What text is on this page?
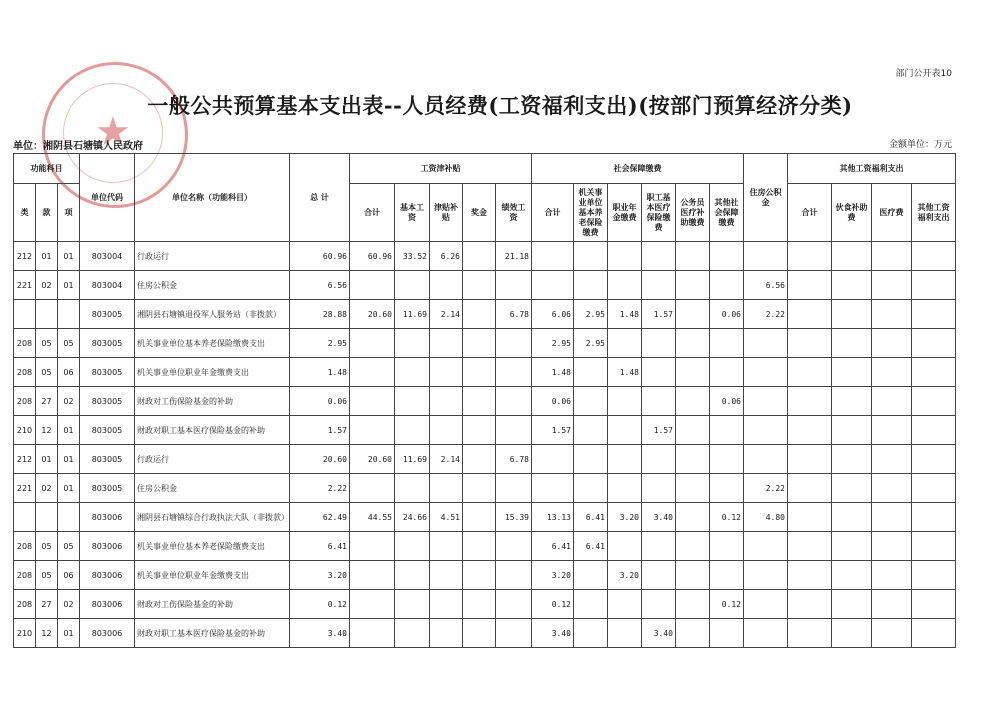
★
部门公开表10
一般公共预算基本支出表--人员经费(工资福利支出)(按部门预算经济分类)
单位：湘阴县石塘镇人民政府	金额单位：万元
功能科目			单位代码	单位名称（功能科目）	总 计	工资津补贴					社会保障缴费						住房公积金	其他工资福利支出			
类	款	项				合计	基本工资	津贴补贴	奖金	绩效工资	合计	机关事业单位基本养老保险缴费	职业年金缴费	职工基本医疗保险缴费	公务员医疗补助缴费	其他社会保障缴费		合计	伙食补助费	医疗费	其他工资福利支出
212	01	01	803004	行政运行	60.96	60.96	33.52	6.26		21.18											
221	02	01	803004	住房公积金	6.56												6.56				
			803005	湘阴县石塘镇退役军人服务站（非拨款）	28.88	20.60	11.69	2.14		6.78	6.06	2.95	1.48	1.57		0.06	2.22				
208	05	05	803005	机关事业单位基本养老保险缴费支出	2.95						2.95	2.95									
208	05	06	803005	机关事业单位职业年金缴费支出	1.48						1.48		1.48								
208	27	02	803005	财政对工伤保险基金的补助	0.06						0.06					0.06					
210	12	01	803005	财政对职工基本医疗保险基金的补助	1.57						1.57			1.57							
212	01	01	803005	行政运行	20.60	20.60	11.69	2.14		6.78											
221	02	01	803005	住房公积金	2.22												2.22				
			803006	湘阴县石塘镇综合行政执法大队（非拨款）	62.49	44.55	24.66	4.51		15.39	13.13	6.41	3.20	3.40		0.12	4.80				
208	05	05	803006	机关事业单位基本养老保险缴费支出	6.41						6.41	6.41									
208	05	06	803006	机关事业单位职业年金缴费支出	3.20						3.20		3.20								
208	27	02	803006	财政对工伤保险基金的补助	0.12						0.12					0.12					
210	12	01	803006	财政对职工基本医疗保险基金的补助	3.40						3.40			3.40							
